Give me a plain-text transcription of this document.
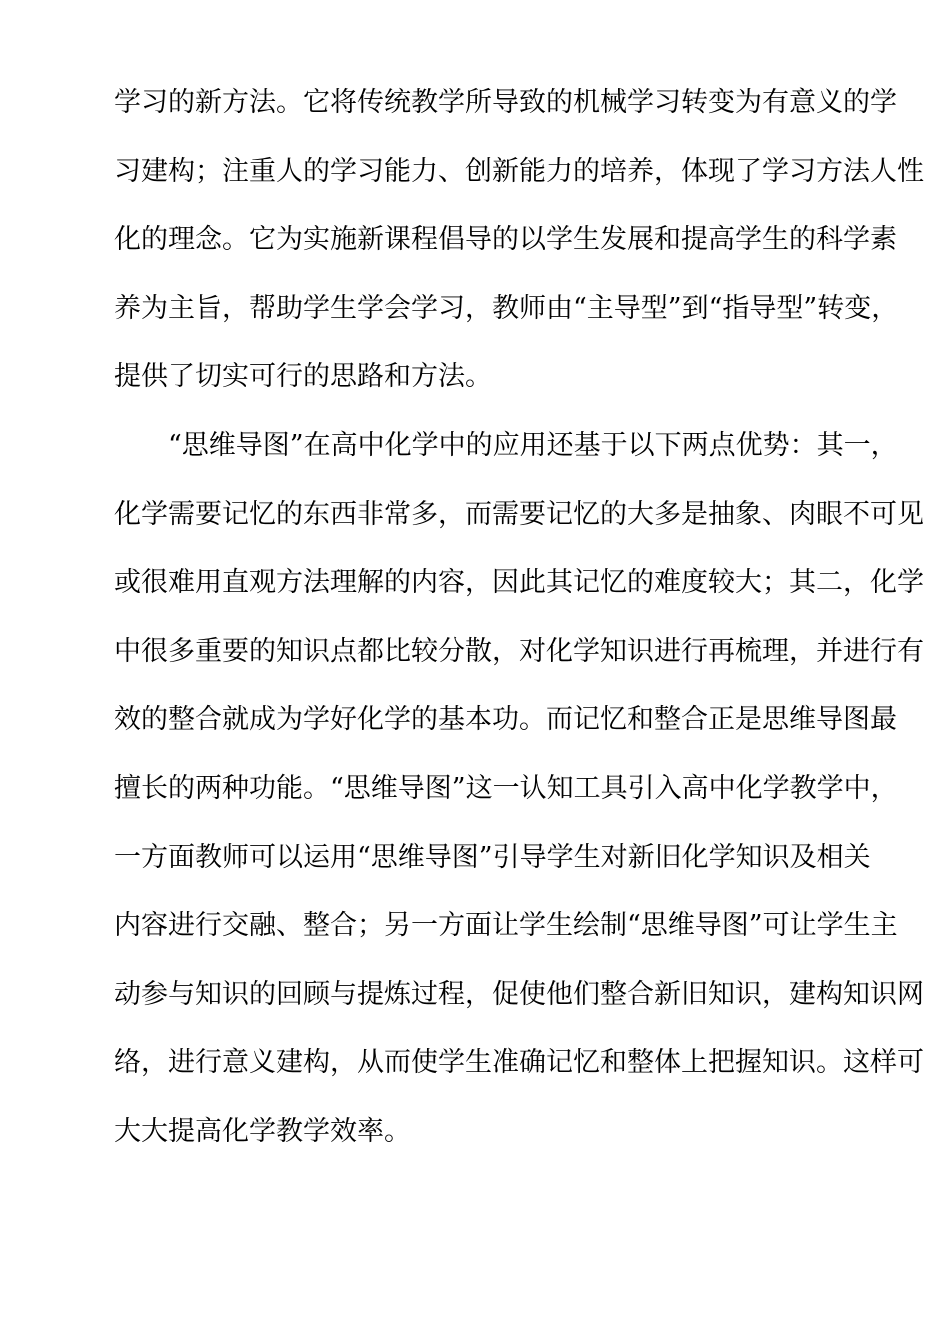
学习的新方法。它将传统教学所导致的机械学习转变为有意义的学
习建构；注重人的学习能力、创新能力的培养，体现了学习方法人性
化的理念。它为实施新课程倡导的以学生发展和提高学生的科学素
养为主旨，帮助学生学会学习，教师由“主导型”到“指导型”转变，
提供了切实可行的思路和方法。
“思维导图”在高中化学中的应用还基于以下两点优势：其一，
化学需要记忆的东西非常多，而需要记忆的大多是抽象、肉眼不可见
或很难用直观方法理解的内容，因此其记忆的难度较大；其二，化学
中很多重要的知识点都比较分散，对化学知识进行再梳理，并进行有
效的整合就成为学好化学的基本功。而记忆和整合正是思维导图最
擅长的两种功能。“思维导图”这一认知工具引入高中化学教学中，
一方面教师可以运用“思维导图”引导学生对新旧化学知识及相关
内容进行交融、整合；另一方面让学生绘制“思维导图”可让学生主
动参与知识的回顾与提炼过程，促使他们整合新旧知识，建构知识网
络，进行意义建构，从而使学生准确记忆和整体上把握知识。这样可
大大提高化学教学效率。
